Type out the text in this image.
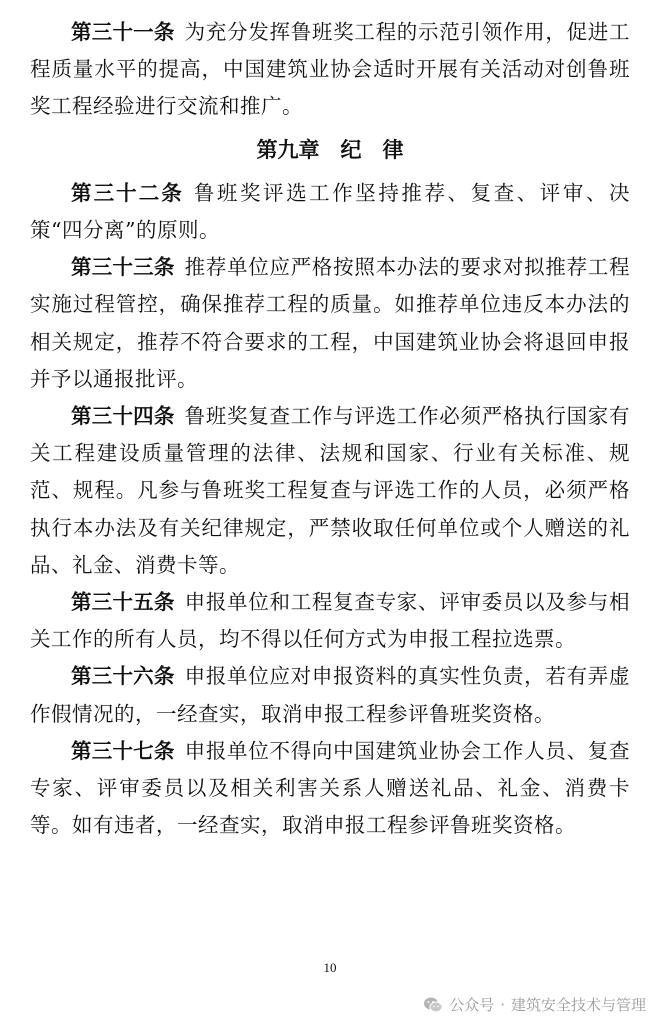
第三十一条 为充分发挥鲁班奖工程的示范引领作用，促进工程质量水平的提高，中国建筑业协会适时开展有关活动对创鲁班奖工程经验进行交流和推广。

第九章　纪　律

第三十二条 鲁班奖评选工作坚持推荐、复查、评审、决策“四分离”的原则。

第三十三条 推荐单位应严格按照本办法的要求对拟推荐工程实施过程管控，确保推荐工程的质量。如推荐单位违反本办法的相关规定，推荐不符合要求的工程，中国建筑业协会将退回申报并予以通报批评。

第三十四条 鲁班奖复查工作与评选工作必须严格执行国家有关工程建设质量管理的法律、法规和国家、行业有关标准、规范、规程。凡参与鲁班奖工程复查与评选工作的人员，必须严格执行本办法及有关纪律规定，严禁收取任何单位或个人赠送的礼品、礼金、消费卡等。

第三十五条 申报单位和工程复查专家、评审委员以及参与相关工作的所有人员，均不得以任何方式为申报工程拉选票。

第三十六条 申报单位应对申报资料的真实性负责，若有弄虚作假情况的，一经查实，取消申报工程参评鲁班奖资格。

第三十七条 申报单位不得向中国建筑业协会工作人员、复查专家、评审委员以及相关利害关系人赠送礼品、礼金、消费卡等。如有违者，一经查实，取消申报工程参评鲁班奖资格。

10
公众号 · 建筑安全技术与管理
